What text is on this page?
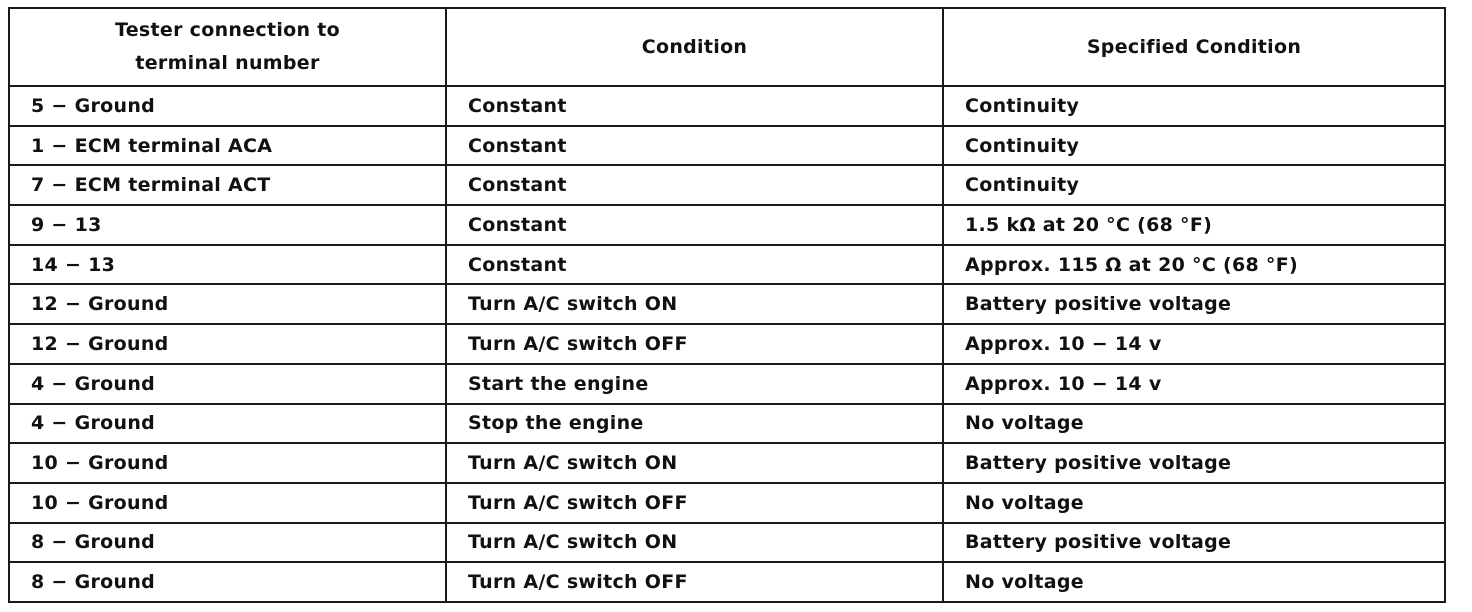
Tester connection to
terminal number	Condition	Specified Condition
5 − Ground	Constant	Continuity
1 − ECM terminal ACA	Constant	Continuity
7 − ECM terminal ACT	Constant	Continuity
9 − 13	Constant	1.5 kΩ at 20 °C (68 °F)
14 − 13	Constant	Approx. 115 Ω at 20 °C (68 °F)
12 − Ground	Turn A/C switch ON	Battery positive voltage
12 − Ground	Turn A/C switch OFF	Approx. 10 − 14 v
4 − Ground	Start the engine	Approx. 10 − 14 v
4 − Ground	Stop the engine	No voltage
10 − Ground	Turn A/C switch ON	Battery positive voltage
10 − Ground	Turn A/C switch OFF	No voltage
8 − Ground	Turn A/C switch ON	Battery positive voltage
8 − Ground	Turn A/C switch OFF	No voltage
